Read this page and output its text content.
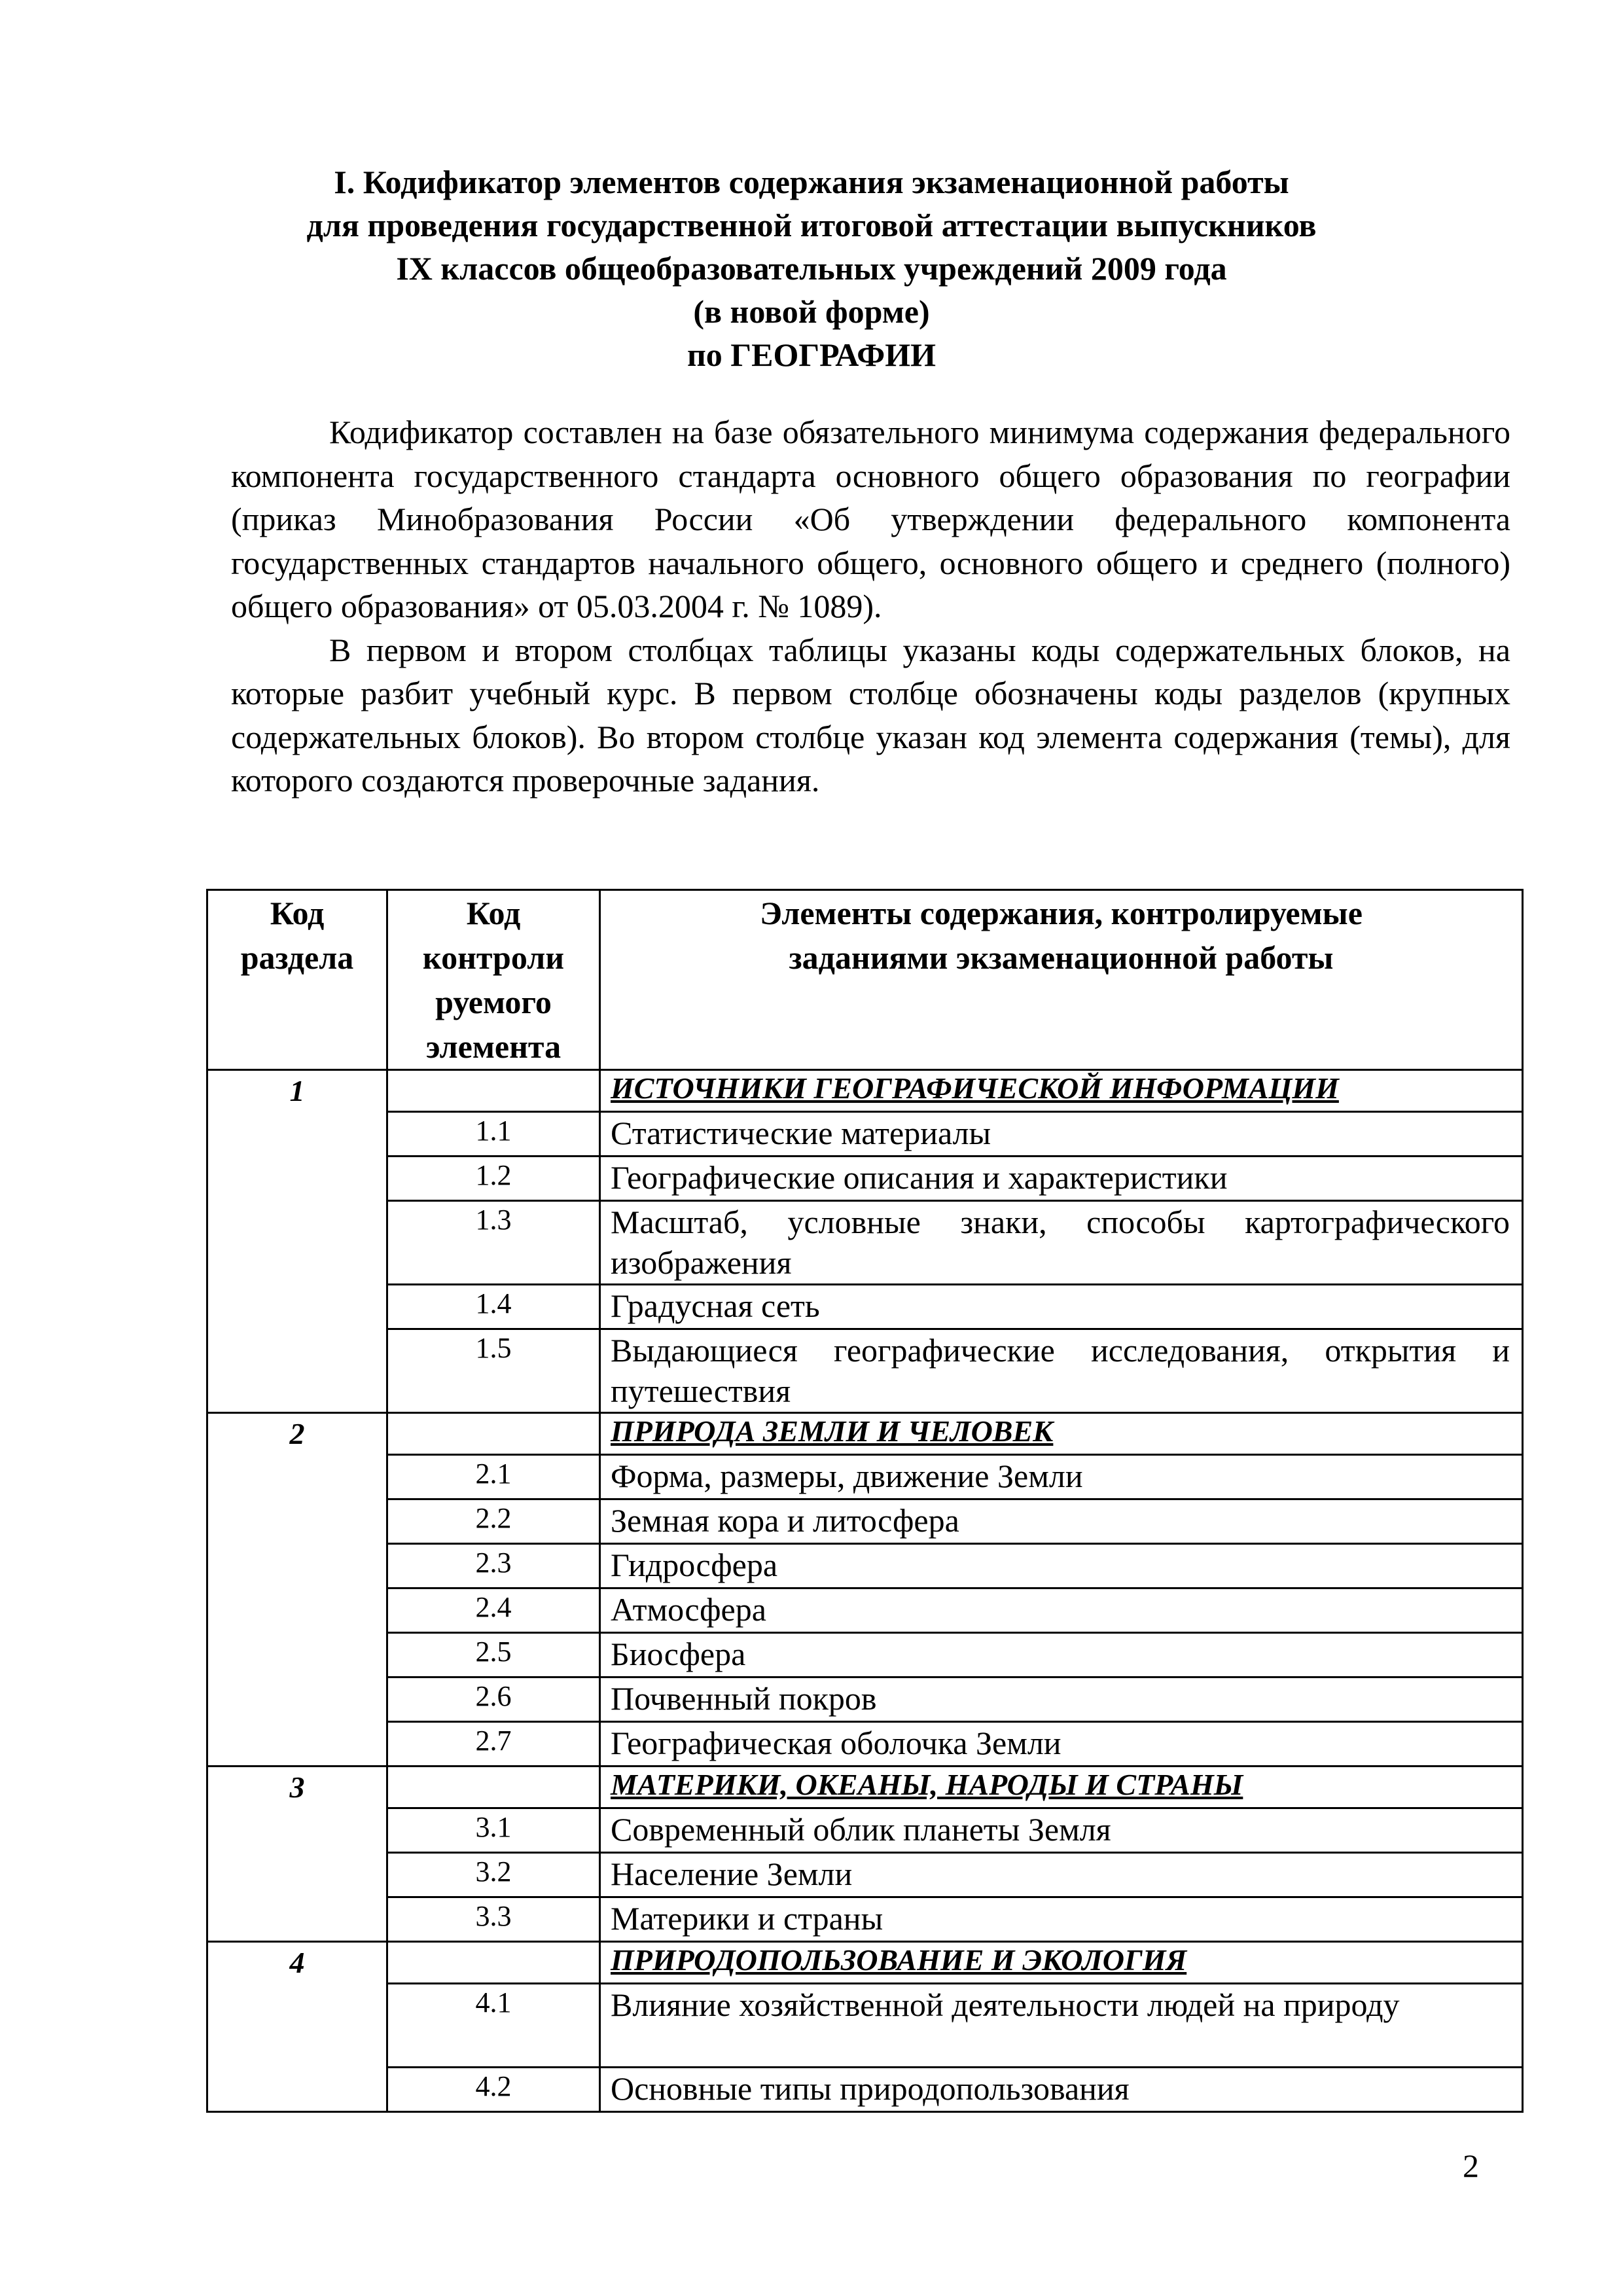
I. Кодификатор элементов содержания экзаменационной работы
для проведения государственной итоговой аттестации выпускников
IX классов общеобразовательных учреждений 2009 года
(в новой форме)
по ГЕОГРАФИИ

Кодификатор составлен на базе обязательного минимума содержания федерального компонента государственного стандарта основного общего образования по географии (приказ Минобразования России «Об утверждении федерального компонента государственных стандартов начального общего, основного общего и среднего (полного) общего образования» от 05.03.2004 г. № 1089).

В первом и втором столбцах таблицы указаны коды содержательных блоков, на которые разбит учебный курс. В первом столбце обозначены коды разделов (крупных содержательных блоков). Во втором столбце указан код элемента содержания (темы), для которого создаются проверочные задания.

Код раздела	Код контроли руемого элемента	Элементы содержания, контролируемые заданиями экзаменационной работы
1		ИСТОЧНИКИ ГЕОГРАФИЧЕСКОЙ ИНФОРМАЦИИ
	1.1	Статистические материалы
	1.2	Географические описания и характеристики
	1.3	Масштаб, условные знаки, способы картографического изображения
	1.4	Градусная сеть
	1.5	Выдающиеся географические исследования, открытия и путешествия
2		ПРИРОДА ЗЕМЛИ И ЧЕЛОВЕК
	2.1	Форма, размеры, движение Земли
	2.2	Земная кора и литосфера
	2.3	Гидросфера
	2.4	Атмосфера
	2.5	Биосфера
	2.6	Почвенный покров
	2.7	Географическая оболочка Земли
3		МАТЕРИКИ, ОКЕАНЫ, НАРОДЫ И СТРАНЫ
	3.1	Современный облик планеты Земля
	3.2	Население Земли
	3.3	Материки и страны
4		ПРИРОДОПОЛЬЗОВАНИЕ И ЭКОЛОГИЯ
	4.1	Влияние хозяйственной деятельности людей на природу
	4.2	Основные типы природопользования
2
